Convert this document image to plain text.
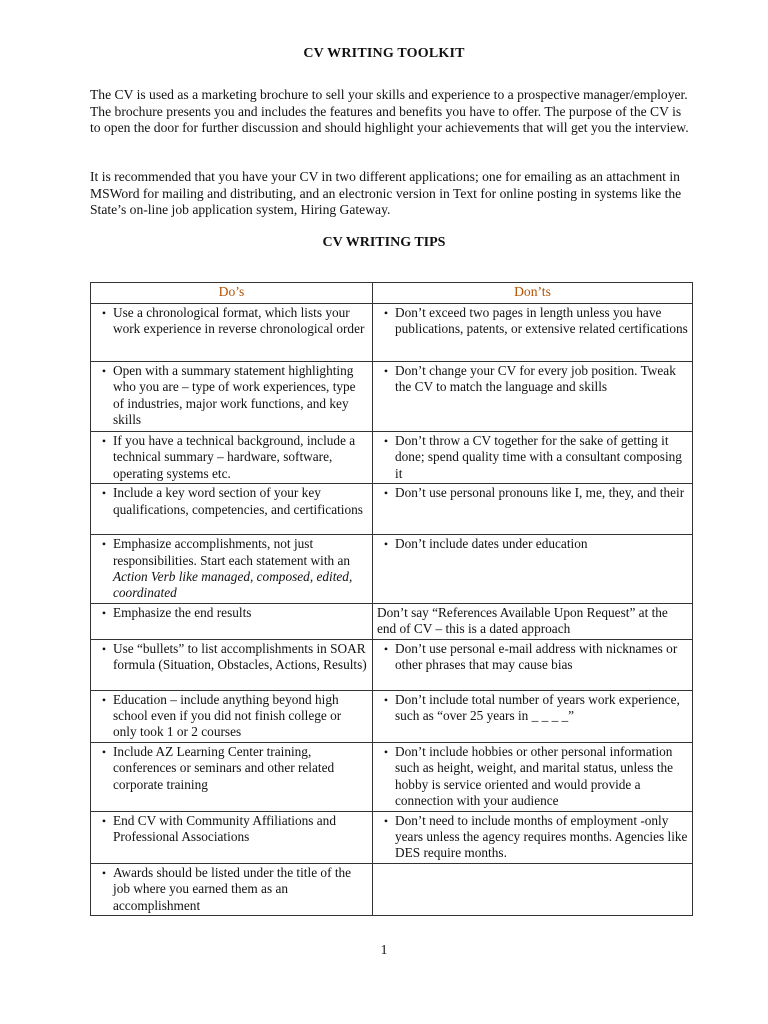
CV WRITING TOOLKIT
The CV is used as a marketing brochure to sell your skills and experience to a prospective manager/employer. The brochure presents you and includes the features and benefits you have to offer. The purpose of the CV is to open the door for further discussion and should highlight your achievements that will get you the interview.
It is recommended that you have your CV in two different applications; one for emailing as an attachment in MSWord for mailing and distributing, and an electronic version in Text for online posting in systems like the State’s on-line job application system, Hiring Gateway.
CV WRITING TIPS
Do’s	Don’ts

• Use a chronological format, which lists your work experience in reverse chronological order	• Don’t exceed two pages in length unless you have publications, patents, or extensive related certifications

• Open with a summary statement highlighting who you are – type of work experiences, type of industries, major work functions, and key skills	• Don’t change your CV for every job position. Tweak the CV to match the language and skills

• If you have a technical background, include a technical summary – hardware, software, operating systems etc.	• Don’t throw a CV together for the sake of getting it done; spend quality time with a consultant composing it

• Include a key word section of your key qualifications, competencies, and certifications	• Don’t use personal pronouns like I, me, they, and their

• Emphasize accomplishments, not just responsibilities. Start each statement with an Action Verb like managed, composed, edited, coordinated	• Don’t include dates under education

• Emphasize the end results	Don’t say “References Available Upon Request” at the end of CV – this is a dated approach

• Use “bullets” to list accomplishments in SOAR formula (Situation, Obstacles, Actions, Results)	• Don’t use personal e-mail address with nicknames or other phrases that may cause bias

• Education – include anything beyond high school even if you did not finish college or only took 1 or 2 courses	• Don’t include total number of years work experience, such as “over 25 years in _ _ _ _”

• Include AZ Learning Center training, conferences or seminars and other related corporate training	• Don’t include hobbies or other personal information such as height, weight, and marital status, unless the hobby is service oriented and would provide a connection with your audience

• End CV with Community Affiliations and Professional Associations	• Don’t need to include months of employment -only years unless the agency requires months. Agencies like DES require months.

• Awards should be listed under the title of the job where you earned them as an accomplishment	

1
